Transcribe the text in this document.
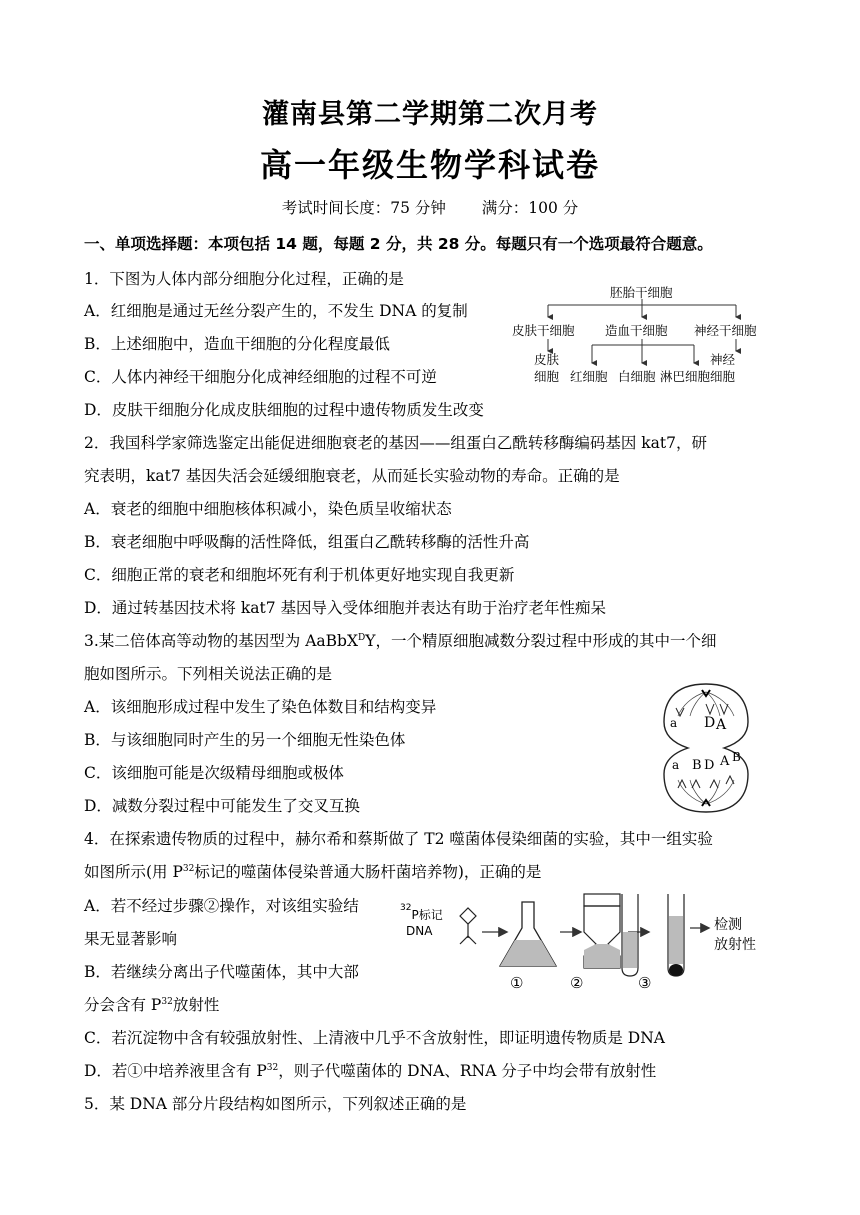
灌南县第二学期第二次月考
高一年级生物学科试卷
考试时间长度：75 分钟 满分：100 分
一、单项选择题：本项包括 14 题，每题 2 分，共 28 分。每题只有一个选项最符合题意。
1．下图为人体内部分细胞分化过程，正确的是
A．红细胞是通过无丝分裂产生的，不发生 DNA 的复制
B．上述细胞中，造血干细胞的分化程度最低
C．人体内神经干细胞分化成神经细胞的过程不可逆
D．皮肤干细胞分化成皮肤细胞的过程中遗传物质发生改变
胚胎干细胞
皮肤干细胞 造血干细胞 神经干细胞
皮肤
细胞 红细胞 白细胞 淋巴细胞
神经
细胞
2．我国科学家筛选鉴定出能促进细胞衰老的基因——组蛋白乙酰转移酶编码基因 kat7，研
究表明，kat7 基因失活会延缓细胞衰老，从而延长实验动物的寿命。正确的是
A．衰老的细胞中细胞核体积减小，染色质呈收缩状态
B．衰老细胞中呼吸酶的活性降低，组蛋白乙酰转移酶的活性升高
C．细胞正常的衰老和细胞坏死有利于机体更好地实现自我更新
D．通过转基因技术将 kat7 基因导入受体细胞并表达有助于治疗老年性痴呆
3.某二倍体高等动物的基因型为 AaBbX$^D$Y，一个精原细胞减数分裂过程中形成的其中一个细
胞如图所示。下列相关说法正确的是
A．该细胞形成过程中发生了染色体数目和结构变异
B．与该细胞同时产生的另一个细胞无性染色体
C．该细胞可能是次级精母细胞或极体
D．减数分裂过程中可能发生了交叉互换
a D A
a B D A B
4．在探索遗传物质的过程中，赫尔希和蔡斯做了 T2 噬菌体侵染细菌的实验，其中一组实验
如图所示(用 $P^{32}$标记的噬菌体侵染普通大肠杆菌培养物)，正确的是
A．若不经过步骤②操作，对该组实验结
果无显著影响
B．若继续分离出子代噬菌体，其中大部
分会含有 $P^{32}$放射性
C．若沉淀物中含有较强放射性、上清液中几乎不含放射性，即证明遗传物质是 DNA
D．若①中培养液里含有 $P^{32}$，则子代噬菌体的 DNA、RNA 分子中均会带有放射性
$^{32}$P标记
DNA
①	②	③
检测
放射性
5．某 DNA 部分片段结构如图所示，下列叙述正确的是
